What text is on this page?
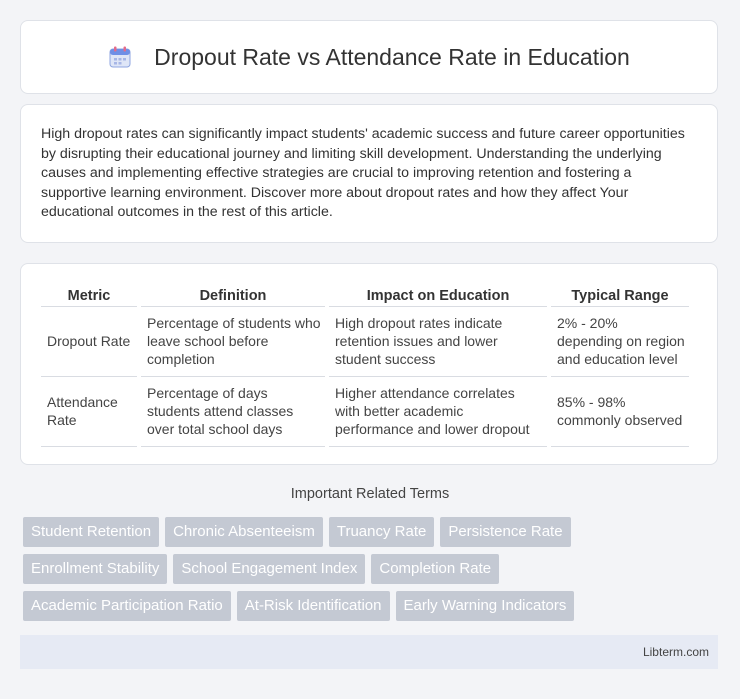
Dropout Rate vs Attendance Rate in Education

High dropout rates can significantly impact students' academic success and future career opportunities by disrupting their educational journey and limiting skill development. Understanding the underlying causes and implementing effective strategies are crucial to improving retention and fostering a supportive learning environment. Discover more about dropout rates and how they affect Your educational outcomes in the rest of this article.

Metric	Definition	Impact on Education	Typical Range
Dropout Rate	Percentage of students who leave school before completion	High dropout rates indicate retention issues and lower student success	2% - 20% depending on region and education level
Attendance Rate	Percentage of days students attend classes over total school days	Higher attendance correlates with better academic performance and lower dropout	85% - 98% commonly observed
Important Related Terms
Student Retention	Chronic Absenteeism	Truancy Rate	Persistence Rate
Enrollment Stability	School Engagement Index	Completion Rate
Academic Participation Ratio	At-Risk Identification	Early Warning Indicators
Libterm.com
